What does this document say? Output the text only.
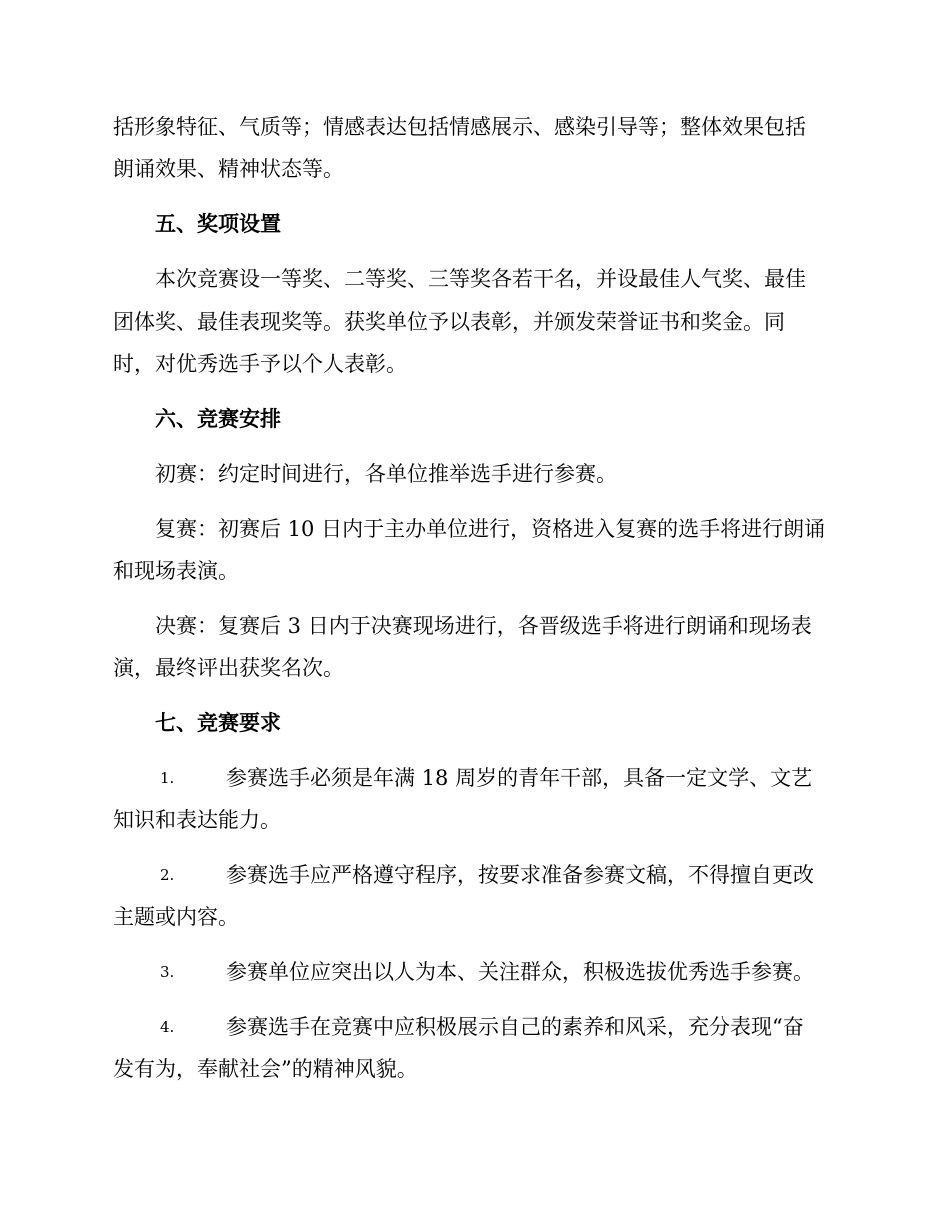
括形象特征、气质等；情感表达包括情感展示、感染引导等；整体效果包括
朗诵效果、精神状态等。
五、奖项设置
本次竞赛设一等奖、二等奖、三等奖各若干名，并设最佳人气奖、最佳
团体奖、最佳表现奖等。获奖单位予以表彰，并颁发荣誉证书和奖金。同
时，对优秀选手予以个人表彰。
六、竞赛安排
初赛：约定时间进行，各单位推举选手进行参赛。
复赛：初赛后 10 日内于主办单位进行，资格进入复赛的选手将进行朗诵
和现场表演。
决赛：复赛后 3 日内于决赛现场进行，各晋级选手将进行朗诵和现场表
演，最终评出获奖名次。
七、竞赛要求
1. 参赛选手必须是年满 18 周岁的青年干部，具备一定文学、文艺
知识和表达能力。
2. 参赛选手应严格遵守程序，按要求准备参赛文稿，不得擅自更改
主题或内容。
3. 参赛单位应突出以人为本、关注群众，积极选拔优秀选手参赛。
4. 参赛选手在竞赛中应积极展示自己的素养和风采，充分表现“奋
发有为，奉献社会”的精神风貌。
